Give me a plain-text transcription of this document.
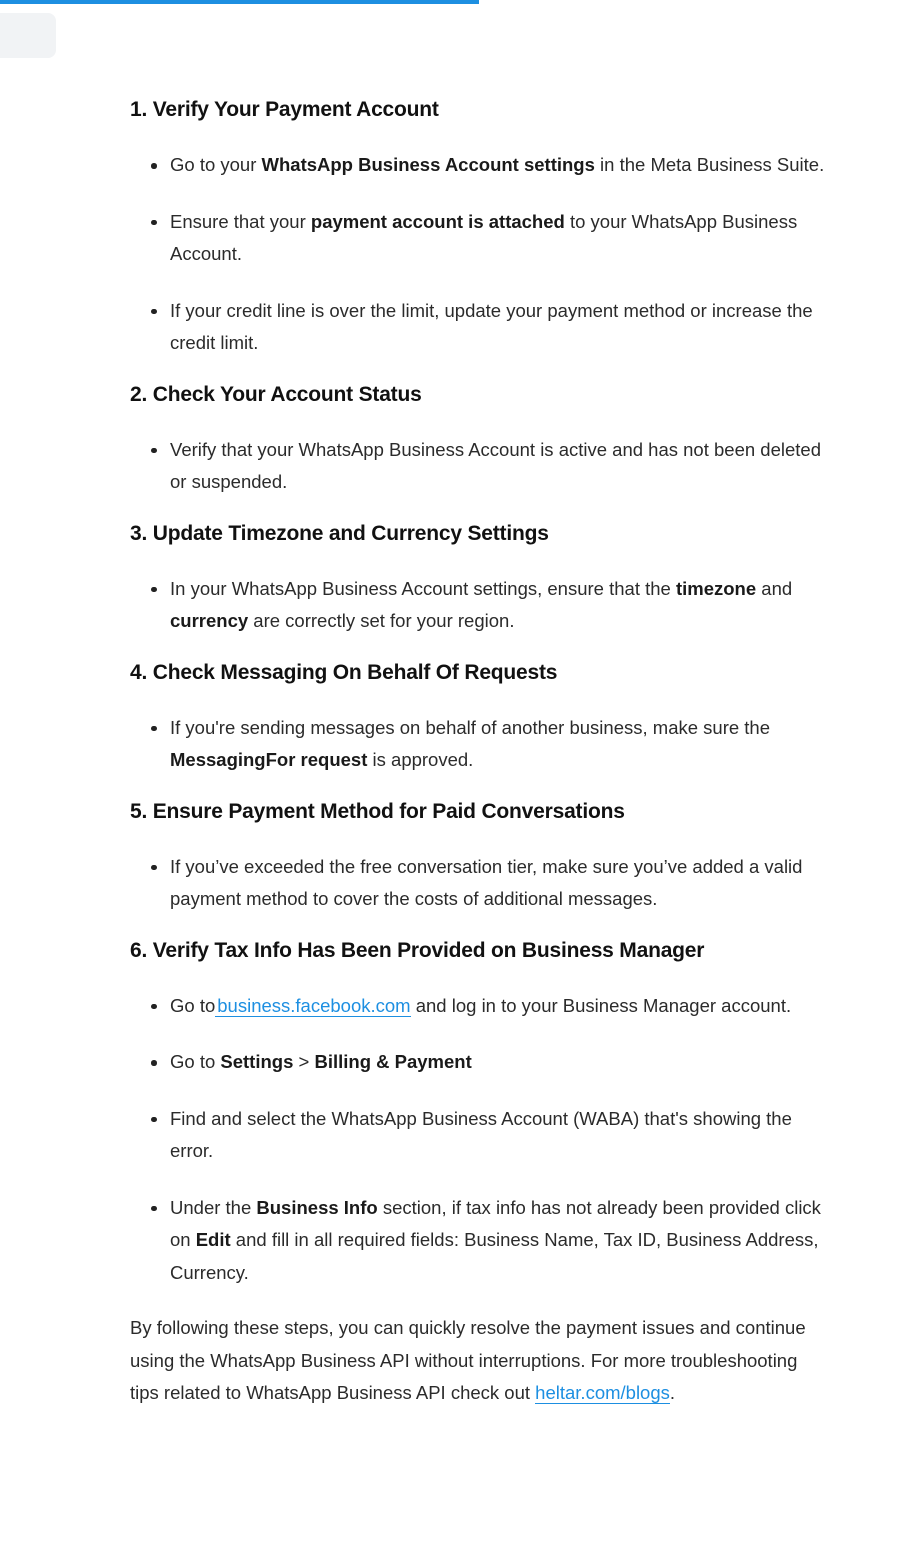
1. Verify Your Payment Account
Go to your WhatsApp Business Account settings in the Meta Business Suite.
Ensure that your payment account is attached to your WhatsApp Business Account.
If your credit line is over the limit, update your payment method or increase the credit limit.
2. Check Your Account Status
Verify that your WhatsApp Business Account is active and has not been deleted or suspended.
3. Update Timezone and Currency Settings
In your WhatsApp Business Account settings, ensure that the timezone and currency are correctly set for your region.
4. Check Messaging On Behalf Of Requests
If you're sending messages on behalf of another business, make sure the MessagingFor request is approved.
5. Ensure Payment Method for Paid Conversations
If you’ve exceeded the free conversation tier, make sure you’ve added a valid payment method to cover the costs of additional messages.
6. Verify Tax Info Has Been Provided on Business Manager
Go to business.facebook.com and log in to your Business Manager account.
Go to Settings > Billing & Payment
Find and select the WhatsApp Business Account (WABA) that's showing the error.
Under the Business Info section, if tax info has not already been provided click on Edit and fill in all required fields: Business Name, Tax ID, Business Address, Currency.

By following these steps, you can quickly resolve the payment issues and continue using the WhatsApp Business API without interruptions. For more troubleshooting tips related to WhatsApp Business API check out heltar.com/blogs.
